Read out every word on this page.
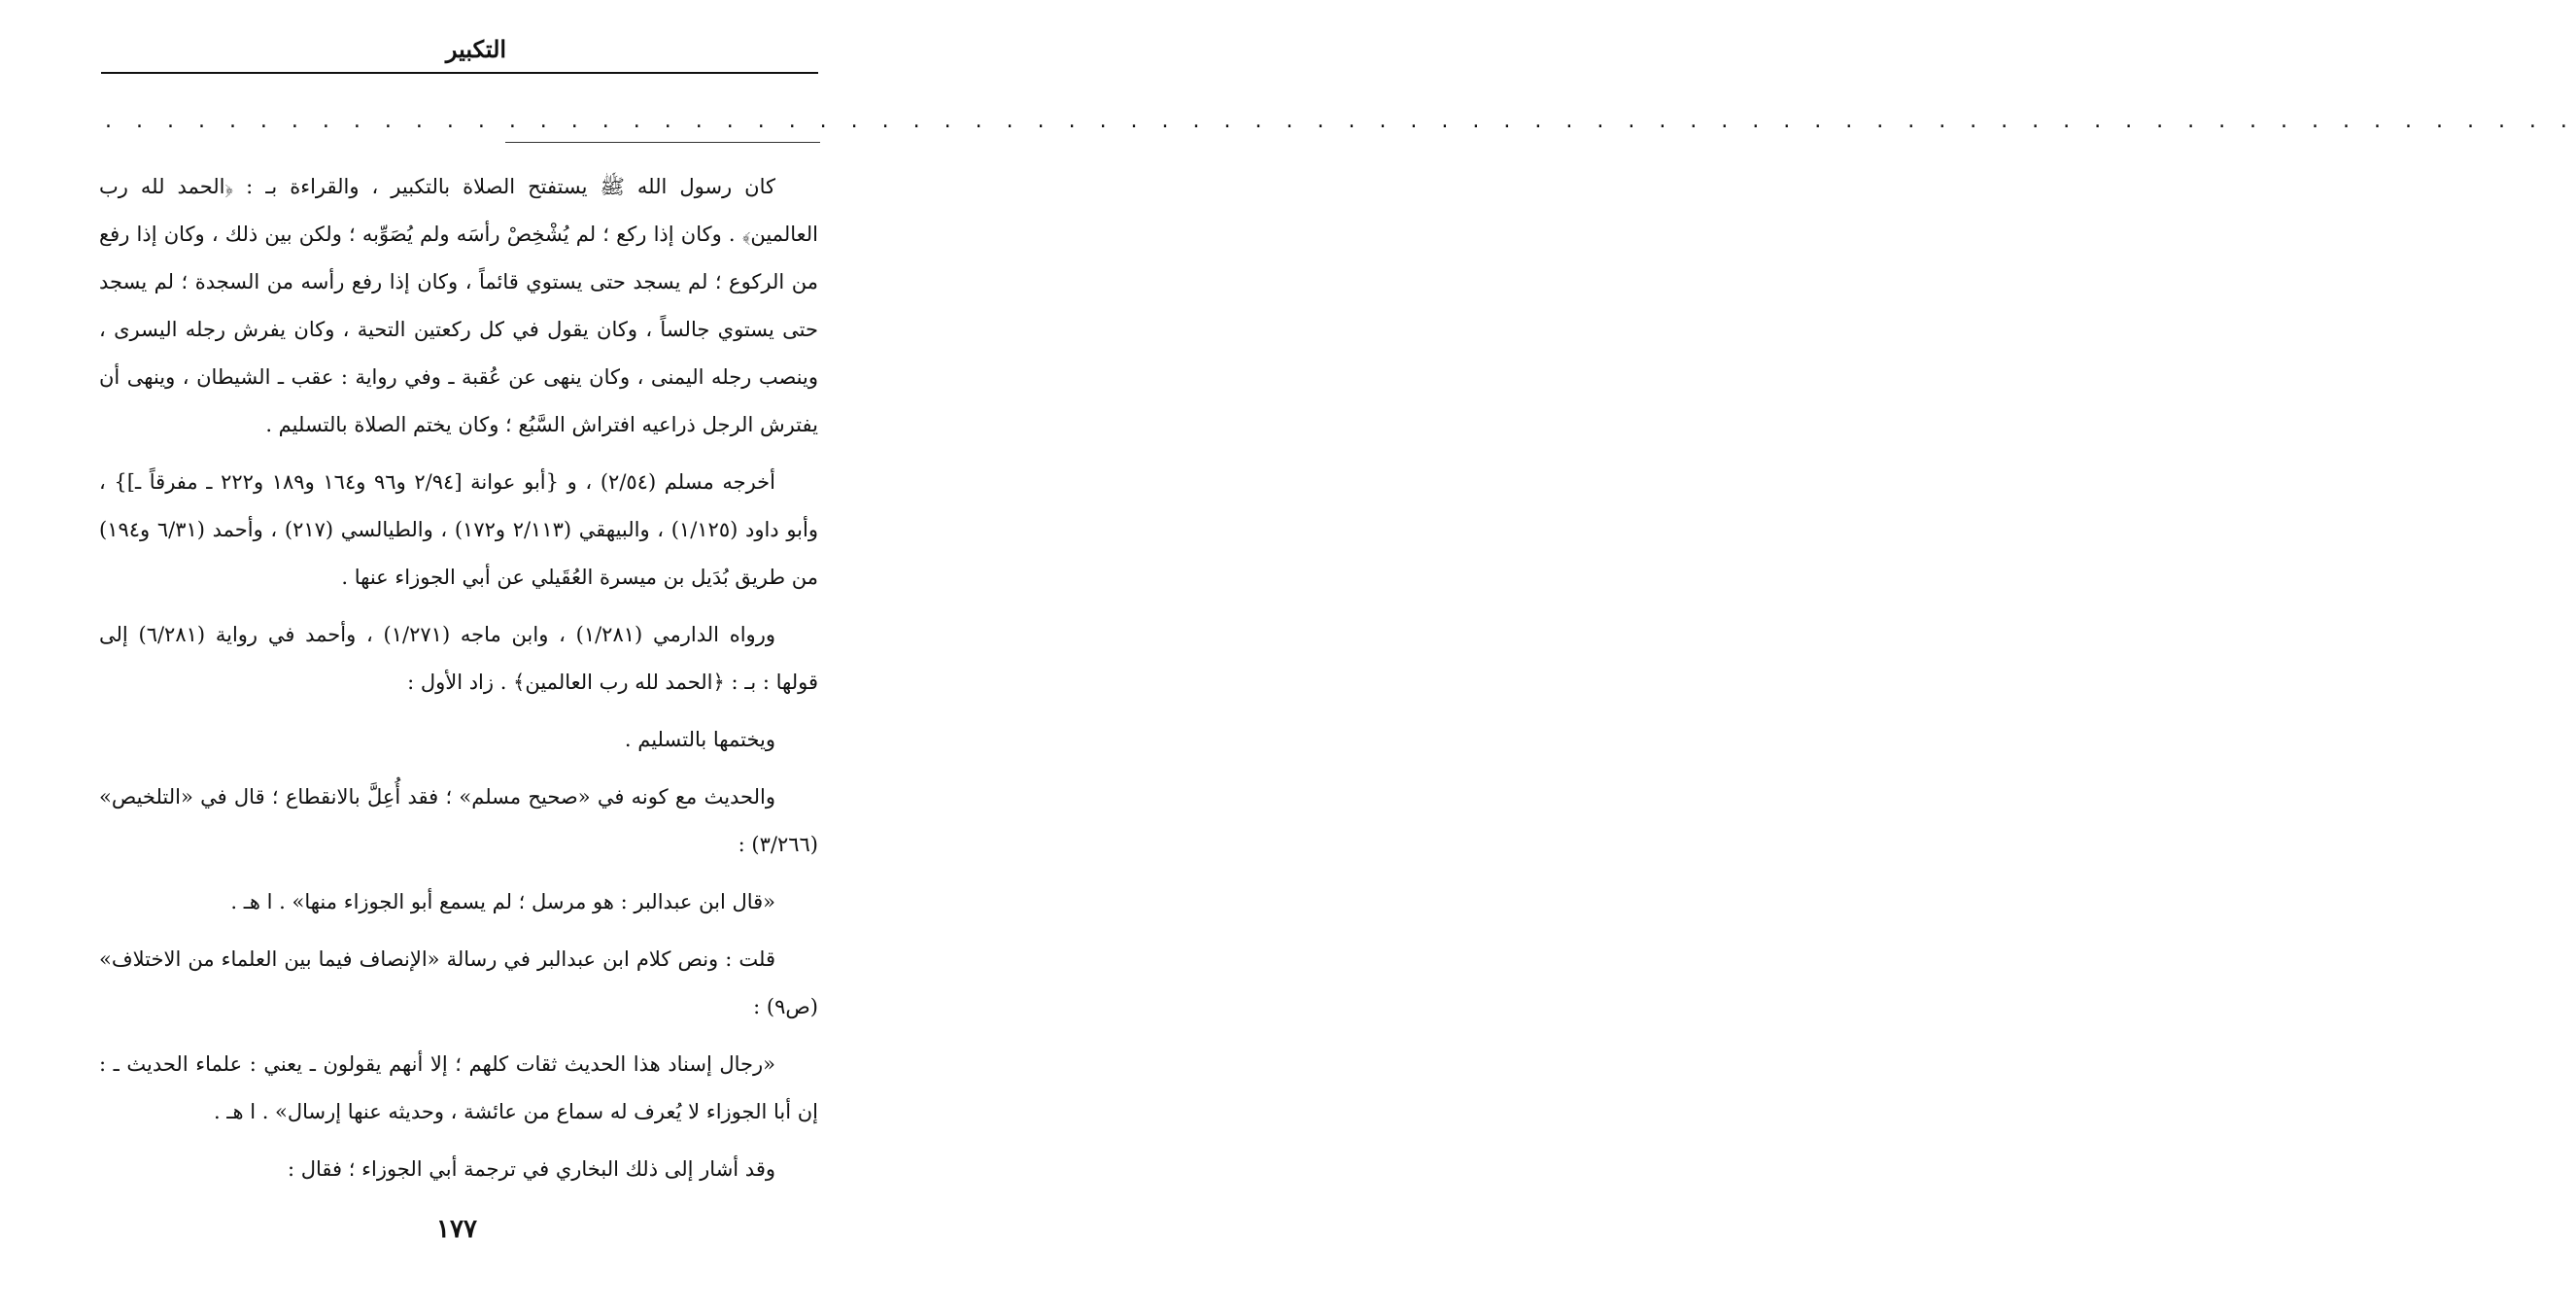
التكبير
. . . . . . . . . . . . . . . . . . . . . . . . . . . . . . . . . . . . . . . . . . . . . . . . . . . . . . . . . . . . . . . . . . . . . . . . . . . . . . . .

كان رسول الله ﷺ يستفتح الصلاة بالتكبير ، والقراءة بـ : ﴿الحمد لله رب العالمين﴾ . وكان إذا ركع ؛ لم يُشْخِصْ رأسَه ولم يُصَوِّبه ؛ ولكن بين ذلك ، وكان إذا رفع من الركوع ؛ لم يسجد حتى يستوي قائماً ، وكان إذا رفع رأسه من السجدة ؛ لم يسجد حتى يستوي جالساً ، وكان يقول في كل ركعتين التحية ، وكان يفرش رجله اليسرى ، وينصب رجله اليمنى ، وكان ينهى عن عُقبة ـ وفي رواية : عقب ـ الشيطان ، وينهى أن يفترش الرجل ذراعيه افتراش السَّبُع ؛ وكان يختم الصلاة بالتسليم .

أخرجه مسلم (٢/٥٤) ، و {أبو عوانة [٢/٩٤ و٩٦ و١٦٤ و١٨٩ و٢٢٢ ـ مفرقاً ـ]} ، وأبو داود (١/١٢٥) ، والبيهقي (٢/١١٣ و١٧٢) ، والطيالسي (٢١٧) ، وأحمد (٦/٣١ و١٩٤) من طريق بُدَيل بن ميسرة العُقَيلي عن أبي الجوزاء عنها .

ورواه الدارمي (١/٢٨١) ، وابن ماجه (١/٢٧١) ، وأحمد في رواية (٦/٢٨١) إلى قولها : بـ : ﴿الحمد لله رب العالمين﴾ . زاد الأول :

ويختمها بالتسليم .

والحديث مع كونه في «صحيح مسلم» ؛ فقد أُعِلَّ بالانقطاع ؛ قال في «التلخيص» (٣/٢٦٦) :

«قال ابن عبدالبر : هو مرسل ؛ لم يسمع أبو الجوزاء منها» . ا هـ .

قلت : ونص كلام ابن عبدالبر في رسالة «الإنصاف فيما بين العلماء من الاختلاف» (ص٩) :

«رجال إسناد هذا الحديث ثقات كلهم ؛ إلا أنهم يقولون ـ يعني : علماء الحديث ـ : إن أبا الجوزاء لا يُعرف له سماع من عائشة ، وحديثه عنها إرسال» . ا هـ .

وقد أشار إلى ذلك البخاري في ترجمة أبي الجوزاء ؛ فقال :

١٧٧
